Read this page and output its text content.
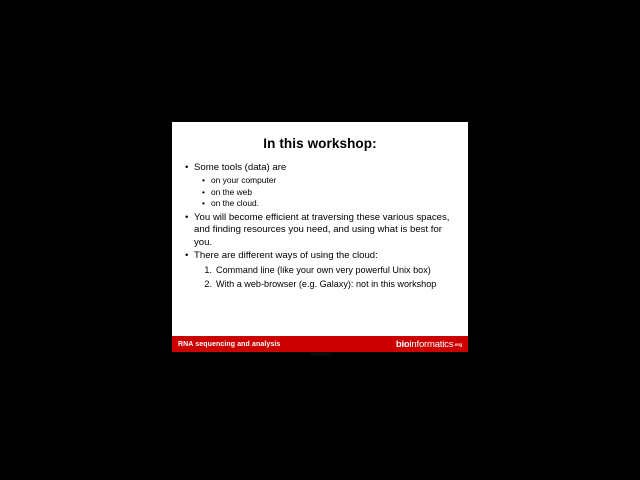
In this workshop:
• Some tools (data) are
• on your computer
• on the web
• on the cloud.
• You will become efficient at traversing these various spaces, and finding resources you need, and using what is best for you.
• There are different ways of using the cloud:
1. Command line (like your own very powerful Unix box)
2. With a web-browser (e.g. Galaxy): not in this workshop
RNA sequencing and analysis	bio informatics org
